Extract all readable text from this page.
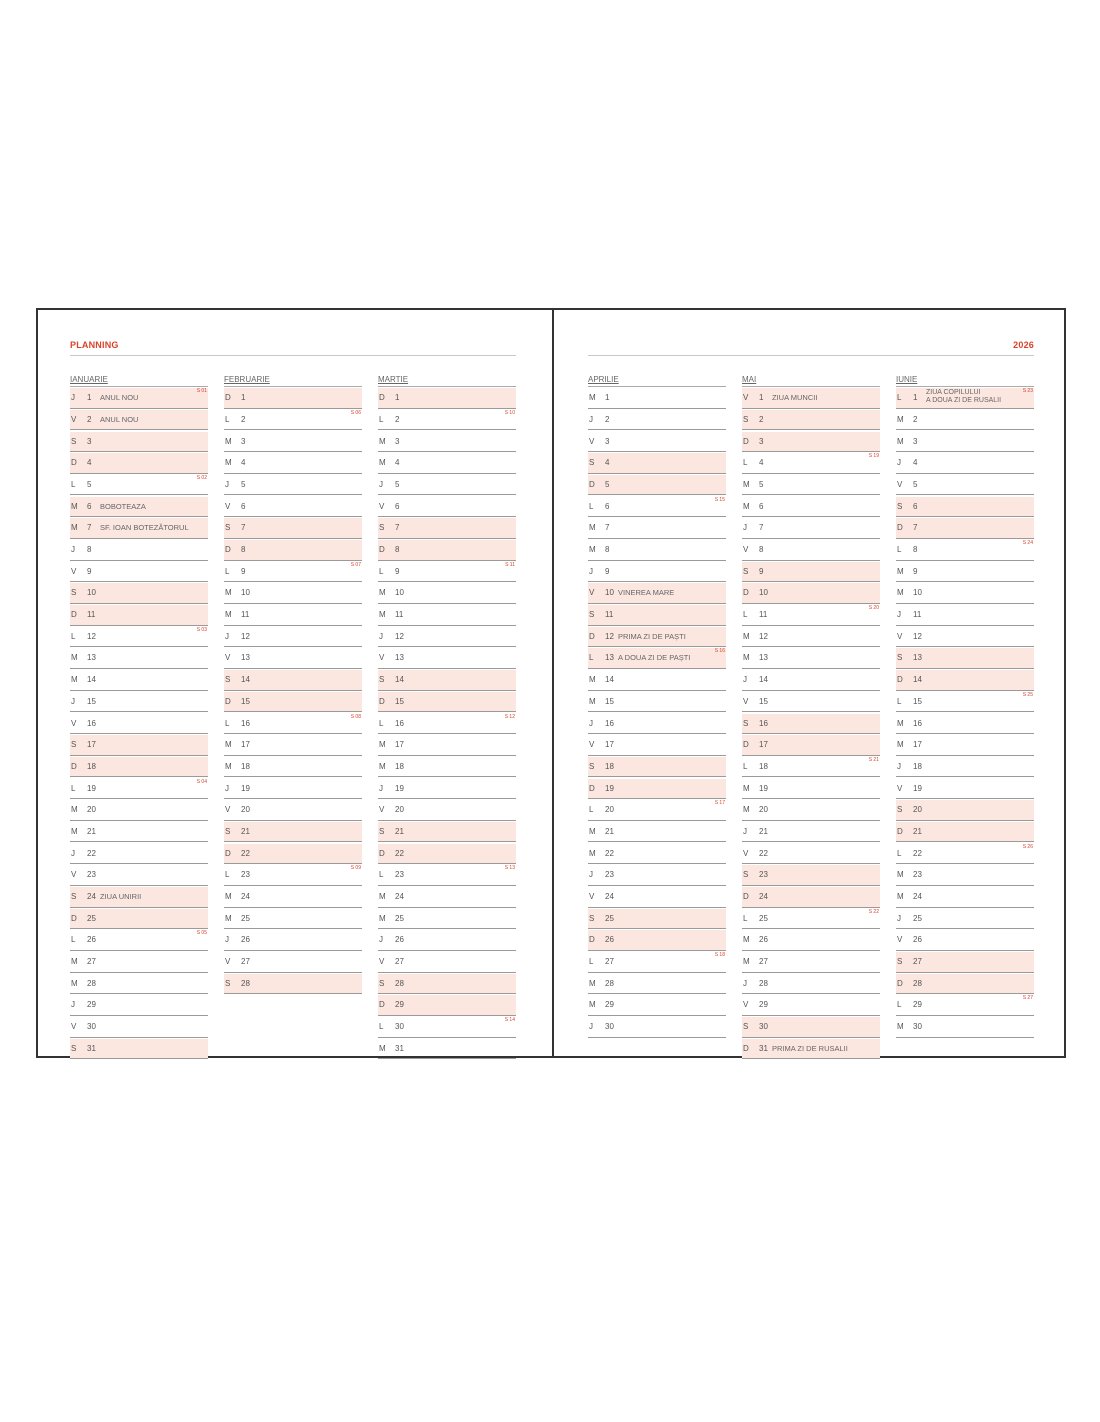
PLANNING
IANUARIE
J	1	ANUL NOU
S 01
V	2	ANUL NOU
S	3
D	4
L	5
S 02
M	6	BOBOTEAZA
M	7	SF. IOAN BOTEZĂTORUL
J	8
V	9
S	10
D	11
L	12
S 03
M	13
M	14
J	15
V	16
S	17
D	18
L	19
S 04
M	20
M	21
J	22
V	23
S	24 ZIUA UNIRII
D	25
L	26
S 05
M	27
M	28
J	29
V	30
S	31
FEBRUARIE
D	1
L	2
S 06
M	3
M	4
J	5
V	6
S	7
D	8
L	9
S 07
M	10
M	11
J	12
V	13
S	14
D	15
L	16
S 08
M	17
M	18
J	19
V	20
S	21
D	22
L	23
S 09
M	24
M	25
J	26
V	27
S	28
MARTIE
D	1
L	2
S 10
M	3
M	4
J	5
V	6
S	7
D	8
L	9
S 11
M	10
M	11
J	12
V	13
S	14
D	15
L	16
S 12
M	17
M	18
J	19
V	20
S	21
D	22
L	23
S 13
M	24
M	25
J	26
V	27
S	28
D	29
L	30
S 14
M	31
2026
APRILIE
M	1
J	2
V	3
S	4
D	5
L	6
S 15
M	7
M	8
J	9
V	10 VINEREA MARE
S	11
D	12 PRIMA ZI DE PAȘTI
L	13 A DOUA ZI DE PAȘTI
S 16
M	14
M	15
J	16
V	17
S	18
D	19
L	20
S 17
M	21
M	22
J	23
V	24
S	25
D	26
L	27
S 18
M	28
M	29
J	30
MAI
V	1	ZIUA MUNCII
S	2
D	3
L	4
S 19
M	5
M	6
J	7
V	8
S	9
D	10
L	11
S 20
M	12
M	13
J	14
V	15
S	16
D	17
L	18
S 21
M	19
M	20
J	21
V	22
S	23
D	24
L	25
S 22
M	26
M	27
J	28
V	29
S	30
D	31 PRIMA ZI DE RUSALII
IUNIE
L	1
ZIUA COPILULUI
A DOUA ZI DE RUSALII
S 23
M	2
M	3
J	4
V	5
S	6
D	7
L	8
S 24
M	9
M	10
J	11
V	12
S	13
D	14
L	15
S 25
M	16
M	17
J	18
V	19
S	20
D	21
L	22
S 26
M	23
M	24
J	25
V	26
S	27
D	28
L	29
S 27
M	30
